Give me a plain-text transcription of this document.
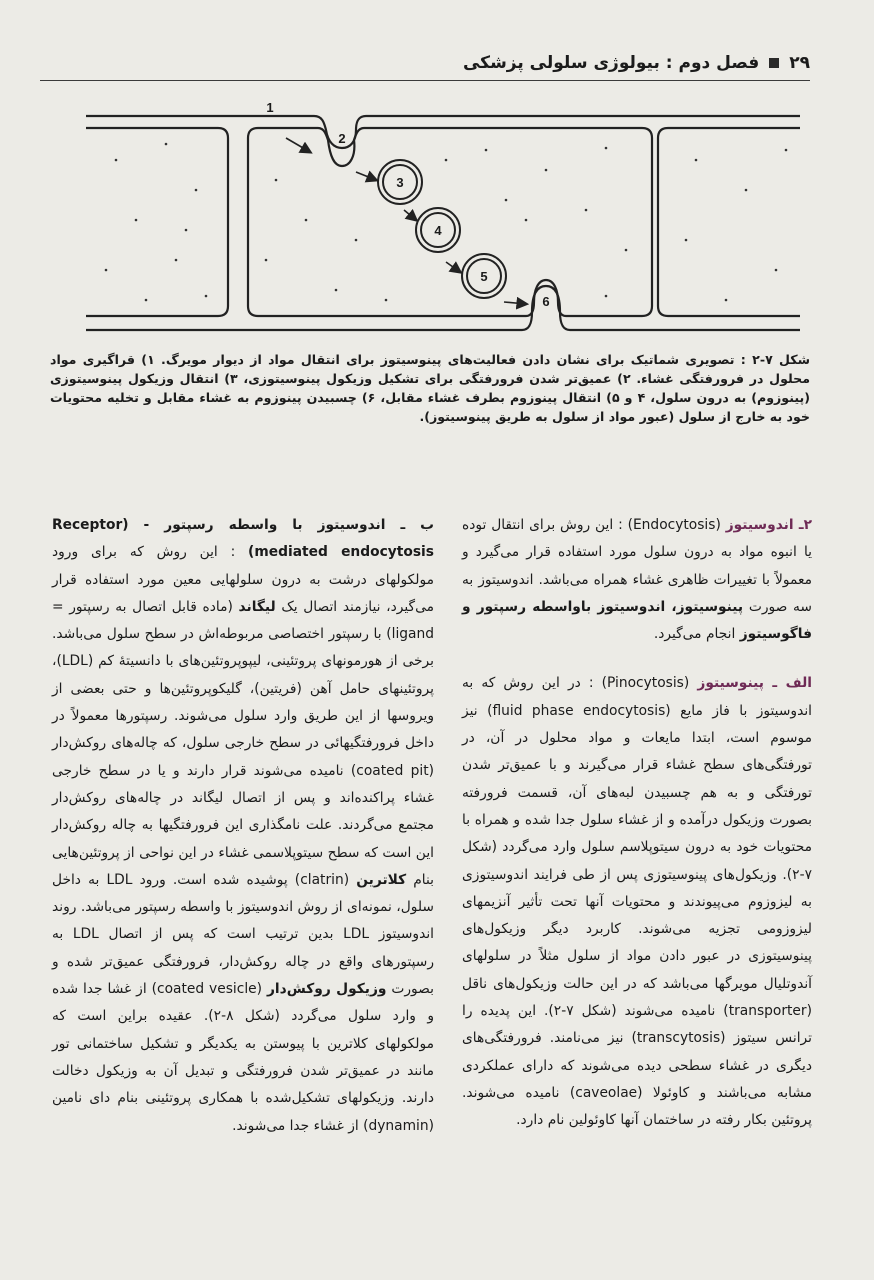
۲۹
فصل دوم : بیولوژی سلولی پزشکی
1
2
3
4
5
6
شکل ۷-۲ : تصویری شماتیک برای نشان دادن فعالیت‌های پینوسیتوز برای انتقال مواد از دیوار مویرگ. ۱) قراگیری مواد محلول در فرورفتگی غشاء. ۲) عمیق‌تر شدن فرورفتگی برای تشکیل وزیکول پینوسیتوزی، ۳) انتقال وزیکول پینوسیتوزی (پینوزوم) به درون سلول، ۴ و ۵) انتقال پینوزوم بطرف غشاء مقابل، ۶) چسبیدن پینوزوم به غشاء مقابل و تخلیه محتویات خود به خارج از سلول (عبور مواد از سلول به طریق پینوسیتوز).

۲ـ اندوسیتوز (Endocytosis) : این روش برای انتقال توده یا انبوه مواد به درون سلول مورد استفاده قرار می‌گیرد و معمولاً با تغییرات ظاهری غشاء همراه می‌باشد. اندوسیتوز به سه صورت پینوسیتوز، اندوسیتوز باواسطه رسپتور و فاگوسیتوز انجام می‌گیرد.

الف ـ پینوسیتوز (Pinocytosis) : در این روش که به اندوسیتوز با فاز مایع (fluid phase endocytosis) نیز موسوم است، ابتدا مایعات و مواد محلول در آن، در تورفتگی‌های سطح غشاء قرار می‌گیرند و با عمیق‌تر شدن تورفتگی و به هم چسبیدن لبه‌های آن، قسمت فرورفته بصورت وزیکول درآمده و از غشاء سلول جدا شده و همراه با محتویات خود به درون سیتوپلاسم سلول وارد می‌گردد (شکل ۷-۲). وزیکول‌های پینوسیتوزی پس از طی فرایند اندوسیتوزی به لیزوزوم می‌پیوندند و محتویات آنها تحت تأثیر آنزیمهای لیزوزومی تجزیه می‌شوند. کاربرد دیگر وزیکول‌های پینوسیتوزی در عبور دادن مواد از سلول مثلاً در سلولهای آندوتلیال مویرگها می‌باشد که در این حالت وزیکول‌های ناقل (transporter) نامیده می‌شوند (شکل ۷-۲). این پدیده را ترانس سیتوز (transcytosis) نیز می‌نامند. فرورفتگی‌های دیگری در غشاء سطحی دیده می‌شوند که دارای عملکردی مشابه می‌باشند و کاوئولا (caveolae) نامیده می‌شوند. پروتئین بکار رفته در ساختمان آنها کاوئولین نام دارد.

ب ـ اندوسیتوز با واسطه رسپتور - (Receptor mediated endocytosis) : این روش که برای ورود مولکولهای درشت به درون سلولهایی معین مورد استفاده قرار می‌گیرد، نیازمند اتصال یک لیگاند (ماده قابل اتصال به رسپتور = ligand) با رسپتور اختصاصی مربوطه‌اش در سطح سلول می‌باشد. برخی از هورمونهای پروتئینی، لیپوپروتئین‌های با دانسیتهٔ کم (LDL)، پروتئینهای حامل آهن (فریتین)، گلیکوپروتئین‌ها و حتی بعضی از ویروسها از این طریق وارد سلول می‌شوند. رسپتورها معمولاً در داخل فرورفتگیهائی در سطح خارجی سلول، که چاله‌های روکش‌دار (coated pit) نامیده می‌شوند قرار دارند و یا در سطح خارجی غشاء پراکنده‌اند و پس از اتصال لیگاند در چاله‌های روکش‌دار مجتمع می‌گردند. علت نامگذاری این فرورفتگیها به چاله روکش‌دار این است که سطح سیتوپلاسمی غشاء در این نواحی از پروتئین‌هایی بنام کلاترین (clatrin) پوشیده شده است. ورود LDL به داخل سلول، نمونه‌ای از روش اندوسیتوز با واسطه رسپتور می‌باشد. روند اندوسیتوز LDL بدین ترتیب است که پس از اتصال LDL به رسپتورهای واقع در چاله روکش‌دار، فرورفتگی عمیق‌تر شده و بصورت وزیکول روکش‌دار (coated vesicle) از غشا جدا شده و وارد سلول می‌گردد (شکل ۸-۲). عقیده براین است که مولکولهای کلاترین با پیوستن به یکدیگر و تشکیل ساختمانی تور مانند در عمیق‌تر شدن فرورفتگی و تبدیل آن به وزیکول دخالت دارند. وزیکولهای تشکیل‌شده با همکاری پروتئینی بنام دای نامین (dynamin) از غشاء جدا می‌شوند.
